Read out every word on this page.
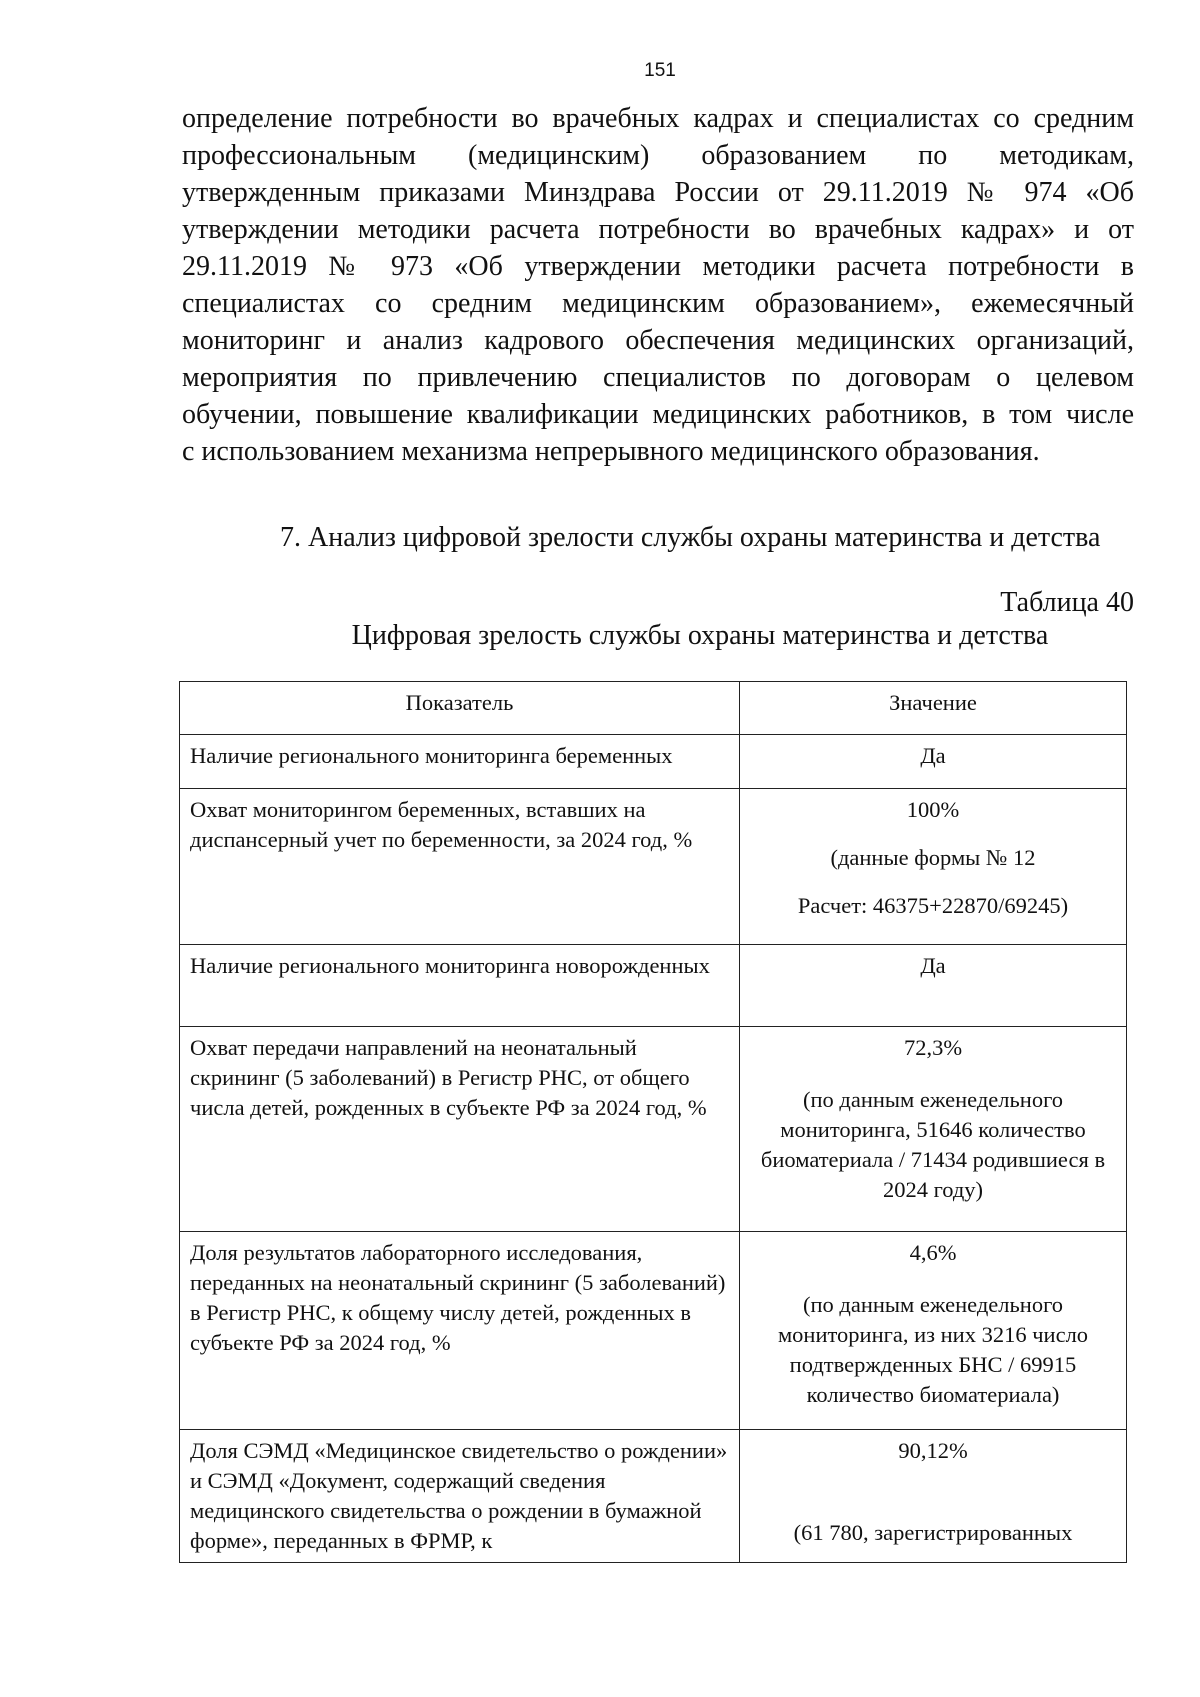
151
определение потребности во врачебных кадрах и специалистах со средним
профессиональным (медицинским) образованием по методикам,
утвержденным приказами Минздрава России от 29.11.2019 № 974 «Об
утверждении методики расчета потребности во врачебных кадрах» и от
29.11.2019 № 973 «Об утверждении методики расчета потребности в
специалистах со средним медицинским образованием», ежемесячный
мониторинг и анализ кадрового обеспечения медицинских организаций,
мероприятия по привлечению специалистов по договорам о целевом
обучении, повышение квалификации медицинских работников, в том числе
с использованием механизма непрерывного медицинского образования.
7. Анализ цифровой зрелости службы охраны материнства и детства
Таблица 40
Цифровая зрелость службы охраны материнства и детства
Показатель	Значение
Наличие регионального мониторинга беременных	Да

Охват мониторингом беременных, вставших на диспансерный учет по беременности, за 2024 год, %	100%

(данные формы № 12

Расчет: 46375+22870/69245)

Наличие регионального мониторинга новорожденных	Да

Охват передачи направлений на неонатальный скрининг (5 заболеваний) в Регистр РНС, от общего числа детей, рожденных в субъекте РФ за 2024 год, %	72,3%

(по данным еженедельного мониторинга, 51646 количество биоматериала / 71434 родившиеся в 2024 году)

Доля результатов лабораторного исследования, переданных на неонатальный скрининг (5 заболеваний) в Регистр РНС, к общему числу детей, рожденных в субъекте РФ за 2024 год, %	4,6%

(по данным еженедельного мониторинга, из них 3216 число подтвержденных БНС / 69915 количество биоматериала)

Доля СЭМД «Медицинское свидетельство о рождении» и СЭМД «Документ, содержащий сведения медицинского свидетельства о рождении в бумажной форме», переданных в ФРМР, к	90,12%

(61 780, зарегистрированных
